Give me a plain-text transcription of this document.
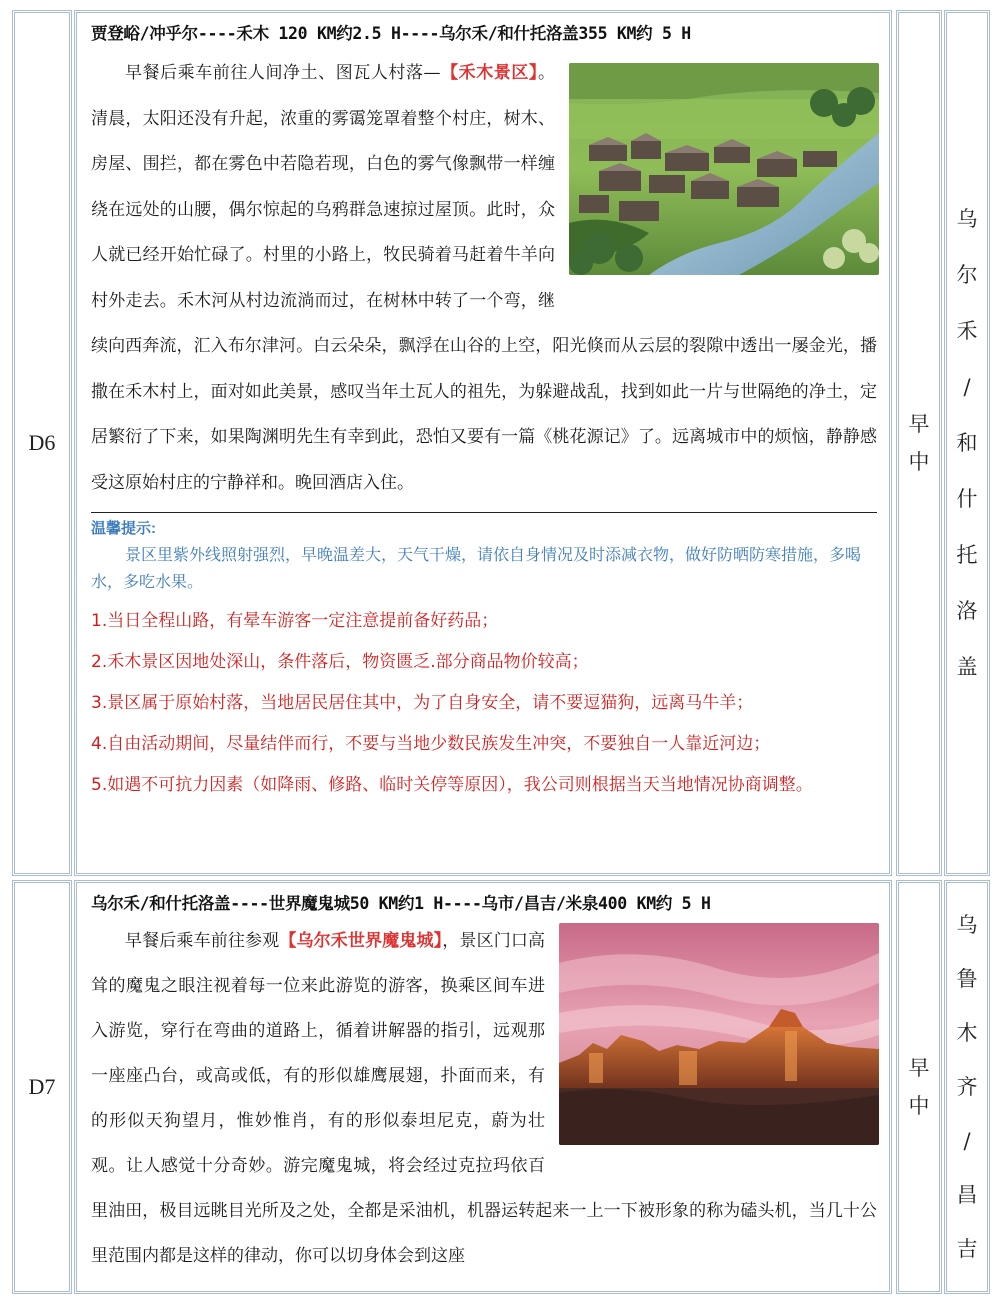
D6
贾登峪/冲乎尔----禾木 120 KM约2.5 H----乌尔禾/和什托洛盖355 KM约 5 H

早餐后乘车前往人间净土、图瓦人村落—【禾木景区】。清晨，太阳还没有升起，浓重的雾霭笼罩着整个村庄，树木、房屋、围拦，都在雾色中若隐若现，白色的雾气像飘带一样缠绕在远处的山腰，偶尔惊起的乌鸦群急速掠过屋顶。此时，众人就已经开始忙碌了。村里的小路上，牧民骑着马赶着牛羊向村外走去。禾木河从村边流淌而过，在树林中转了一个弯，继续向西奔流，汇入布尔津河。白云朵朵，飘浮在山谷的上空，阳光倏而从云层的裂隙中透出一屡金光，播撒在禾木村上，面对如此美景，感叹当年土瓦人的祖先，为躲避战乱，找到如此一片与世隔绝的净土，定居繁衍了下来，如果陶渊明先生有幸到此，恐怕又要有一篇《桃花源记》了。远离城市中的烦恼，静静感受这原始村庄的宁静祥和。晚回酒店入住。

温馨提示:

景区里紫外线照射强烈，早晚温差大，天气干燥，请依自身情况及时添减衣物，做好防晒防寒措施，多喝水，多吃水果。

1.当日全程山路，有晕车游客一定注意提前备好药品；

2.禾木景区因地处深山，条件落后，物资匮乏.部分商品物价较高；

3.景区属于原始村落，当地居民居住其中，为了自身安全，请不要逗猫狗，远离马牛羊；

4.自由活动期间，尽量结伴而行，不要与当地少数民族发生冲突，不要独自一人靠近河边；

5.如遇不可抗力因素（如降雨、修路、临时关停等原因），我公司则根据当天当地情况协商调整。

早
中
乌
尔
禾
/
和
什
托
洛
盖
D7
乌尔禾/和什托洛盖----世界魔鬼城50 KM约1 H----乌市/昌吉/米泉400 KM约 5 H

早餐后乘车前往参观【乌尔禾世界魔鬼城】，景区门口高耸的魔鬼之眼注视着每一位来此游览的游客，换乘区间车进入游览，穿行在弯曲的道路上，循着讲解器的指引，远观那一座座凸台，或高或低，有的形似雄鹰展翅，扑面而来，有的形似天狗望月，惟妙惟肖，有的形似泰坦尼克，蔚为壮观。让人感觉十分奇妙。游完魔鬼城，将会经过克拉玛依百里油田，极目远眺目光所及之处，全都是采油机，机器运转起来一上一下被形象的称为磕头机，当几十公里范围内都是这样的律动，你可以切身体会到这座

早
中
乌
鲁
木
齐
/
昌
吉
